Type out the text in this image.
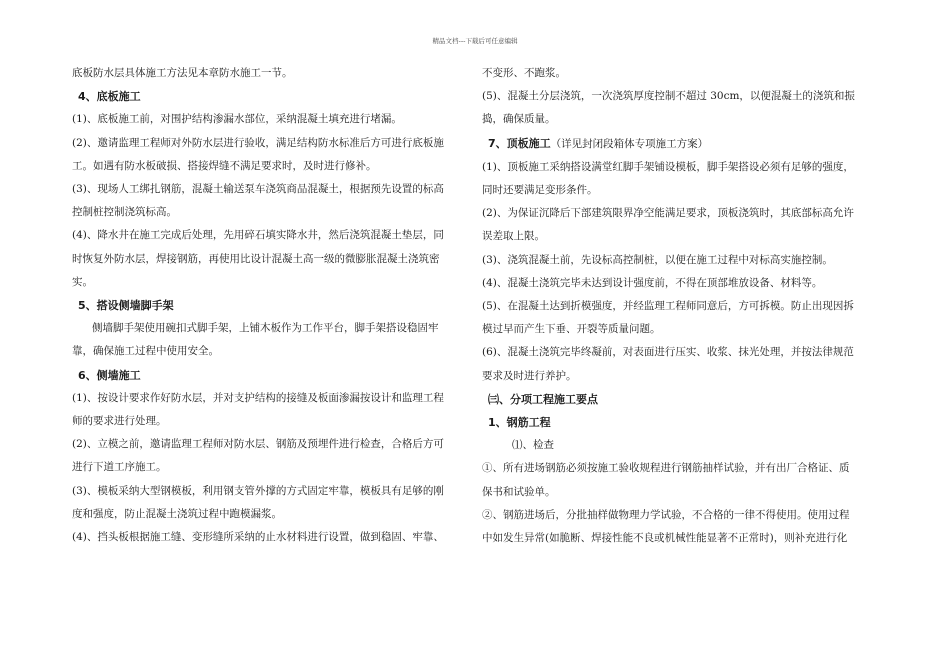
精品文档---下载后可任意编辑
底板防水层具体施工方法见本章防水施工一节。
4、底板施工
(1)、底板施工前，对围护结构渗漏水部位，采纳混凝土填充进行堵漏。
(2)、邀请监理工程师对外防水层进行验收，满足结构防水标准后方可进行底板施
工。如遇有防水板破损、搭接焊缝不满足要求时，及时进行修补。
(3)、现场人工绑扎钢筋，混凝土输送泵车浇筑商品混凝土，根据预先设置的标高
控制桩控制浇筑标高。
(4)、降水井在施工完成后处理，先用碎石填实降水井，然后浇筑混凝土垫层，同
时恢复外防水层，焊接钢筋，再使用比设计混凝土高一级的微膨胀混凝土浇筑密
实。
5、搭设侧墙脚手架
侧墙脚手架使用碗扣式脚手架，上铺木板作为工作平台，脚手架搭设稳固牢
靠，确保施工过程中使用安全。
6、侧墙施工
(1)、按设计要求作好防水层，并对支护结构的接缝及板面渗漏按设计和监理工程
师的要求进行处理。
(2)、立模之前，邀请监理工程师对防水层、钢筋及预埋件进行检查，合格后方可
进行下道工序施工。
(3)、模板采纳大型钢模板，利用钢支管外撑的方式固定牢靠，模板具有足够的刚
度和强度，防止混凝土浇筑过程中跑模漏浆。
(4)、挡头板根据施工缝、变形缝所采纳的止水材料进行设置，做到稳固、牢靠、
不变形、不跑浆。
(5)、混凝土分层浇筑，一次浇筑厚度控制不超过 30cm，以便混凝土的浇筑和振
捣，确保质量。
7、顶板施工（详见封闭段箱体专项施工方案）
(1)、顶板施工采纳搭设满堂红脚手架铺设模板，脚手架搭设必须有足够的强度，
同时还要满足变形条件。
(2)、为保证沉降后下部建筑限界净空能满足要求，顶板浇筑时，其底部标高允许
误差取上限。
(3)、浇筑混凝土前，先设标高控制桩，以便在施工过程中对标高实施控制。
(4)、混凝土浇筑完毕未达到设计强度前，不得在顶部堆放设备、材料等。
(5)、在混凝土达到折模强度，并经监理工程师同意后，方可拆模。防止出现因拆
模过早而产生下垂、开裂等质量问题。
(6)、混凝土浇筑完毕终凝前，对表面进行压实、收浆、抹光处理，并按法律规范
要求及时进行养护。
㈢、分项工程施工要点
1、钢筋工程
⑴、检查
①、所有进场钢筋必须按施工验收规程进行钢筋抽样试验，并有出厂合格证、质
保书和试验单。
②、钢筋进场后，分批抽样做物理力学试验，不合格的一律不得使用。使用过程
中如发生异常(如脆断、焊接性能不良或机械性能显著不正常时)，则补充进行化
